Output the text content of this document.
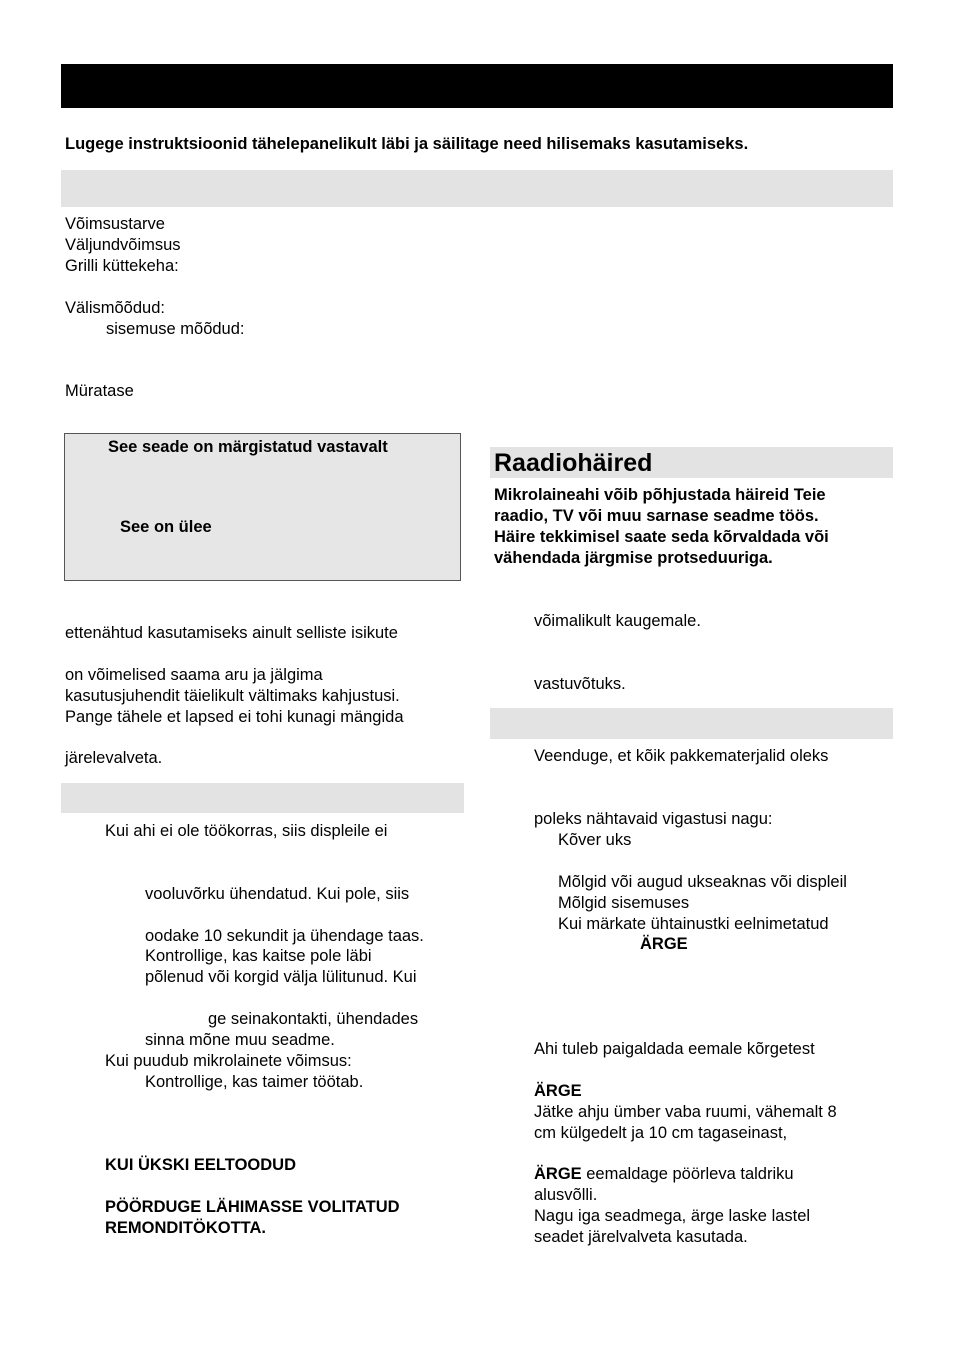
Lugege instruktsioonid tähelepanelikult läbi ja säilitage need hilisemaks kasutamiseks.
Võimsustarve
Väljundvõimsus
Grilli küttekeha:
Välismõõdud:
sisemuse mõõdud:
Müratase
See seade on märgistatud vastavalt
See on ülee
ettenähtud kasutamiseks ainult selliste isikute
on võimelised saama aru ja jälgima
kasutusjuhendit täielikult vältimaks kahjustusi.
Pange tähele et lapsed ei tohi kunagi mängida
järelevalveta.
Kui ahi ei ole töökorras, siis displeile ei
vooluvõrku ühendatud. Kui pole, siis
oodake 10 sekundit ja ühendage taas.
Kontrollige, kas kaitse pole läbi
põlenud või korgid välja lülitunud. Kui
ge seinakontakti, ühendades
sinna mõne muu seadme.
Kui puudub mikrolainete võimsus:
Kontrollige, kas taimer töötab.
KUI ÜKSKI EELTOODUD
PÖÖRDUGE LÄHIMASSE VOLITATUD
REMONDITÖKOTTA.
Raadiohäired
Mikrolaineahi võib põhjustada häireid Teie
raadio, TV või muu sarnase seadme töös.
Häire tekkimisel saate seda kõrvaldada või
vähendada järgmise protseduuriga.
võimalikult kaugemale.
vastuvõtuks.
Veenduge, et kõik pakkematerjalid oleks
poleks nähtavaid vigastusi nagu:
Kõver uks
Mõlgid või augud ukseaknas või displeil
Mõlgid sisemuses
Kui märkate ühtainustki eelnimetatud
ÄRGE
Ahi tuleb paigaldada eemale kõrgetest
ÄRGE
Jätke ahju ümber vaba ruumi, vähemalt 8
cm külgedelt ja 10 cm tagaseinast,
ÄRGE eemaldage pöörleva taldriku
alusvõlli.
Nagu iga seadmega, ärge laske lastel
seadet järelvalveta kasutada.
